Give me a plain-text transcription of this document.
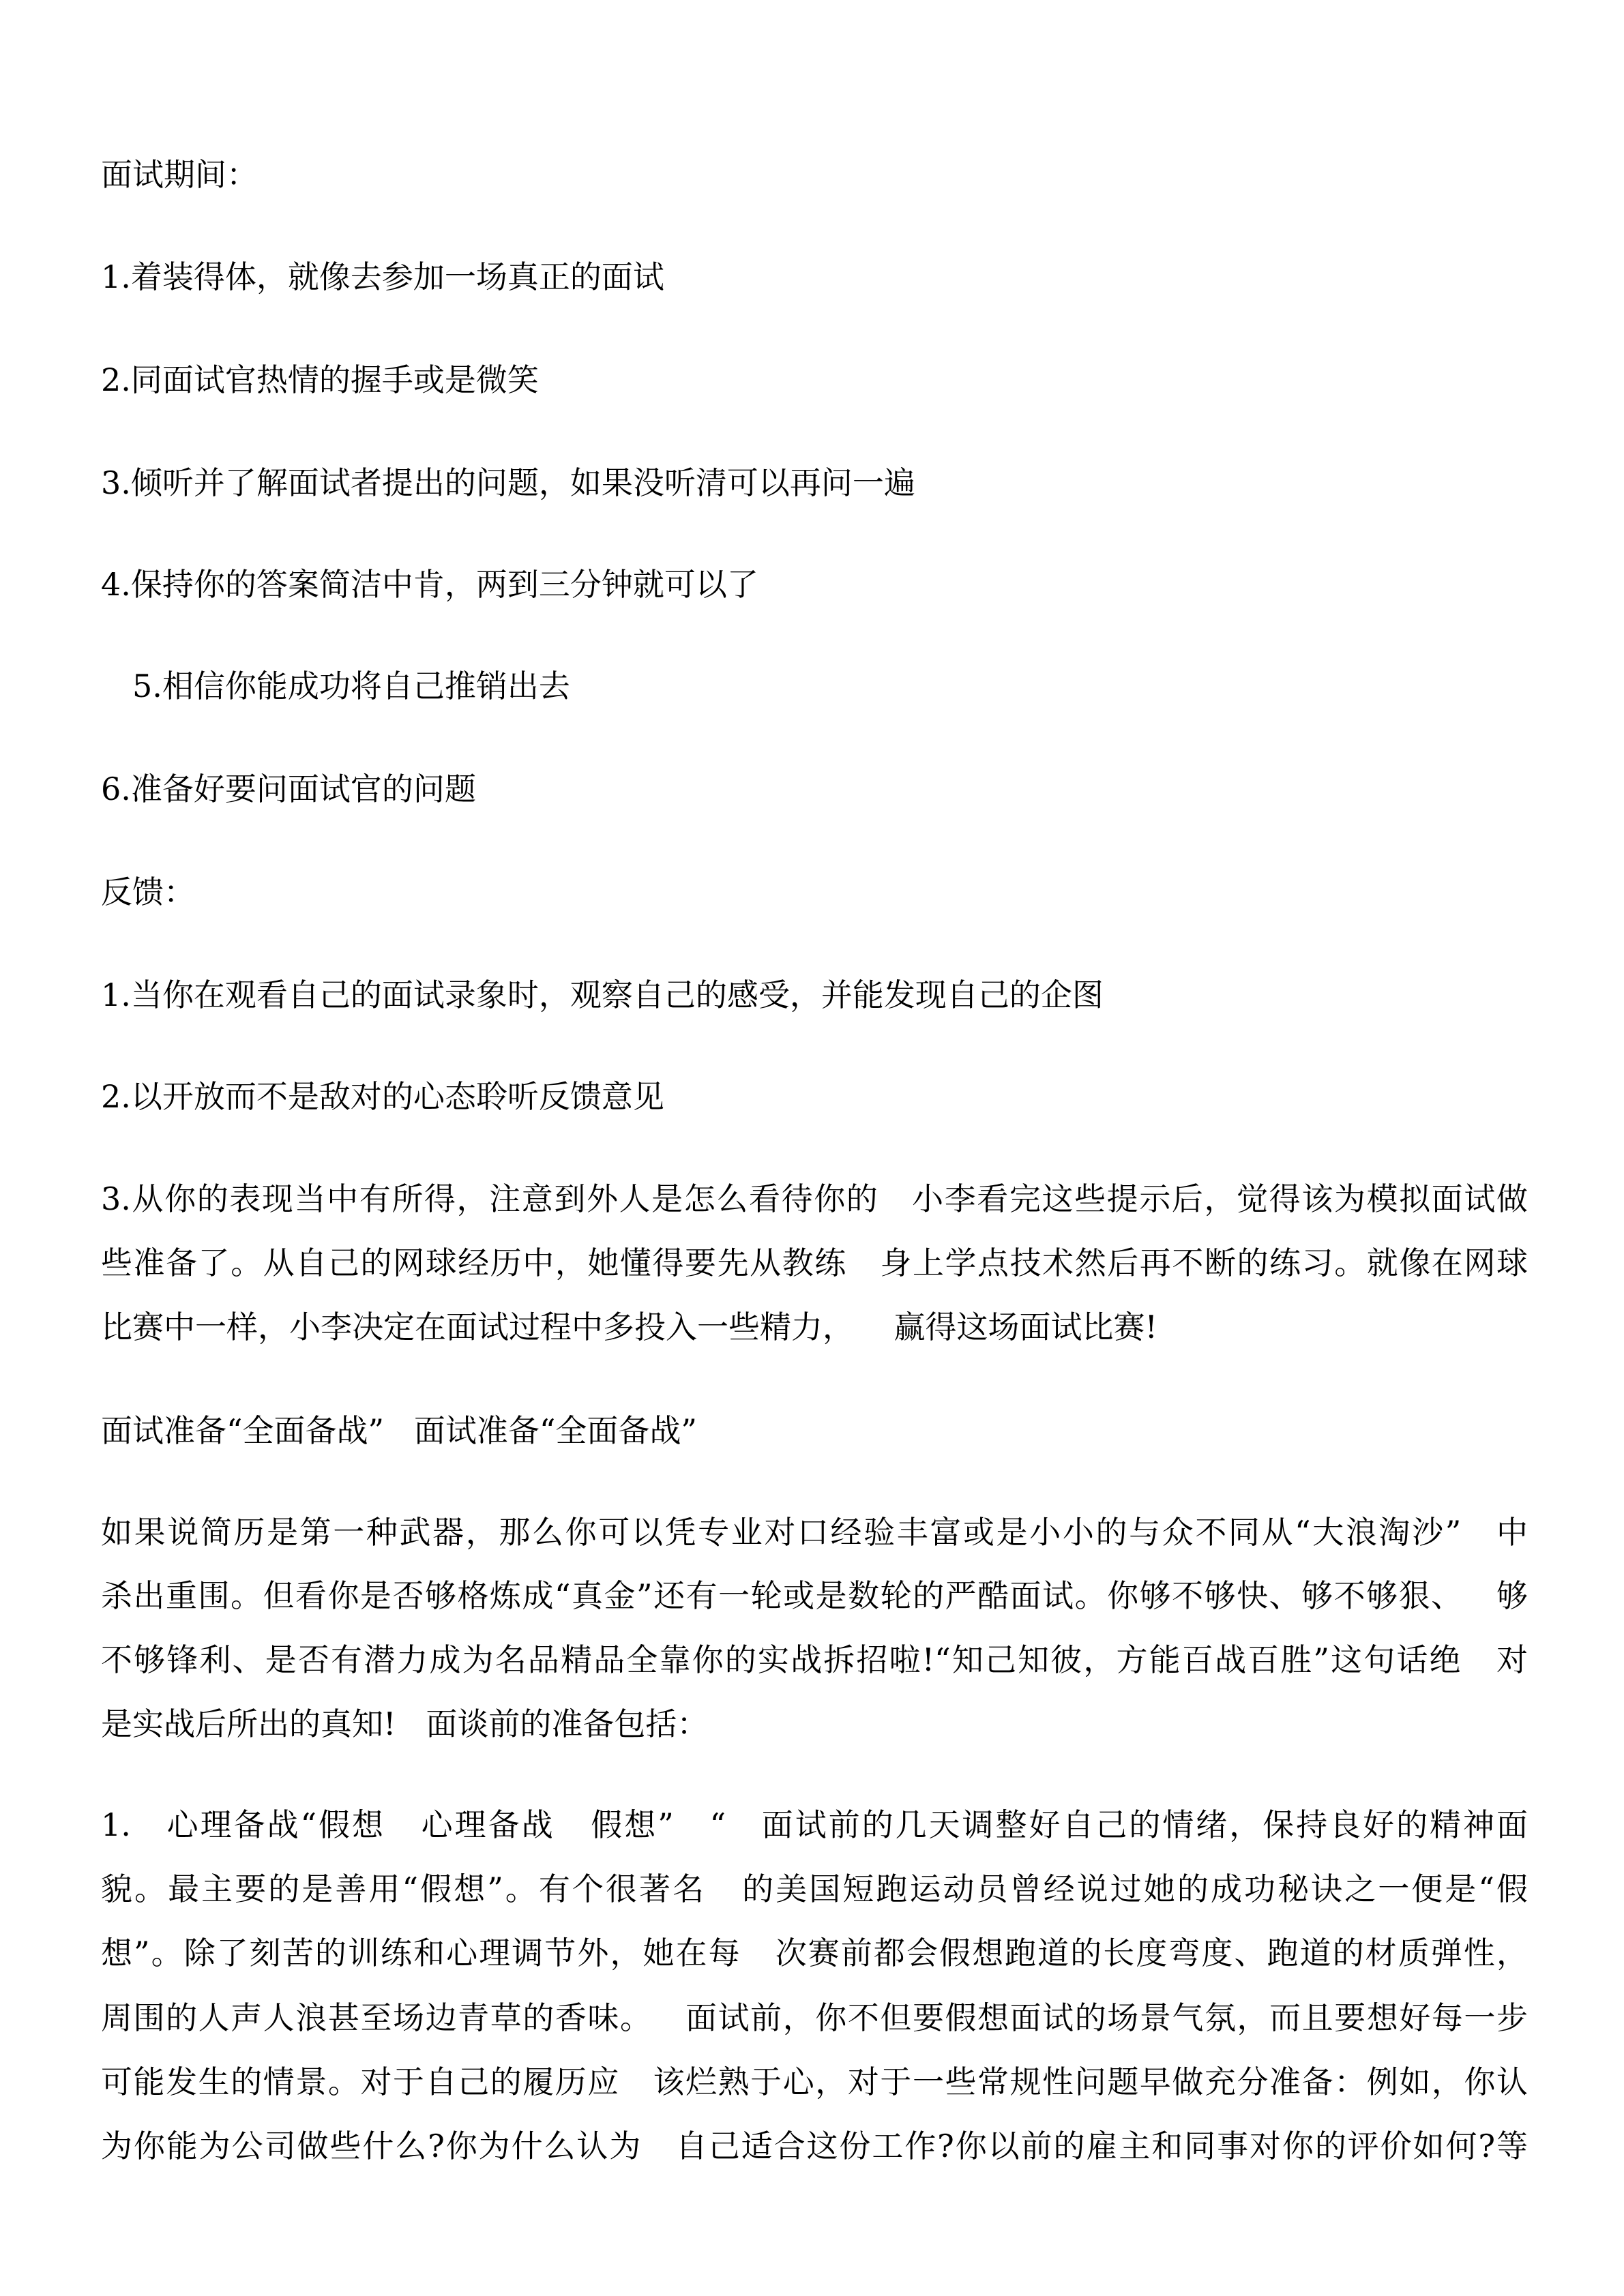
面试期间：
1.着装得体，就像去参加一场真正的面试
2.同面试官热情的握手或是微笑
3.倾听并了解面试者提出的问题，如果没听清可以再问一遍
4.保持你的答案简洁中肯，两到三分钟就可以了
5.相信你能成功将自己推销出去
6.准备好要问面试官的问题
反馈：
1.当你在观看自己的面试录象时，观察自己的感受，并能发现自己的企图
2.以开放而不是敌对的心态聆听反馈意见
3.从你的表现当中有所得，注意到外人是怎么看待你的   小李看完这些提示后，觉得该为模拟面试做
些准备了。从自己的网球经历中，她懂得要先从教练   身上学点技术然后再不断的练习。就像在网球
比赛中一样，小李决定在面试过程中多投入一些精力，    赢得这场面试比赛!
面试准备“全面备战”   面试准备“全面备战”
如果说简历是第一种武器，那么你可以凭专业对口经验丰富或是小小的与众不同从“大浪淘沙”   中
杀出重围。但看你是否够格炼成“真金”还有一轮或是数轮的严酷面试。你够不够快、够不够狠、   够
不够锋利、是否有潜力成为名品精品全靠你的实战拆招啦!“知己知彼，方能百战百胜”这句话绝   对
是实战后所出的真知!   面谈前的准备包括：
1.   心理备战“假想   心理备战   假想”   “   面试前的几天调整好自己的情绪，保持良好的精神面
貌。最主要的是善用“假想”。有个很著名   的美国短跑运动员曾经说过她的成功秘诀之一便是“假
想”。除了刻苦的训练和心理调节外，她在每   次赛前都会假想跑道的长度弯度、跑道的材质弹性，
周围的人声人浪甚至场边青草的香味。   面试前，你不但要假想面试的场景气氛，而且要想好每一步
可能发生的情景。对于自己的履历应   该烂熟于心，对于一些常规性问题早做充分准备：例如，你认
为你能为公司做些什么?你为什么认为   自己适合这份工作?你以前的雇主和同事对你的评价如何?等
